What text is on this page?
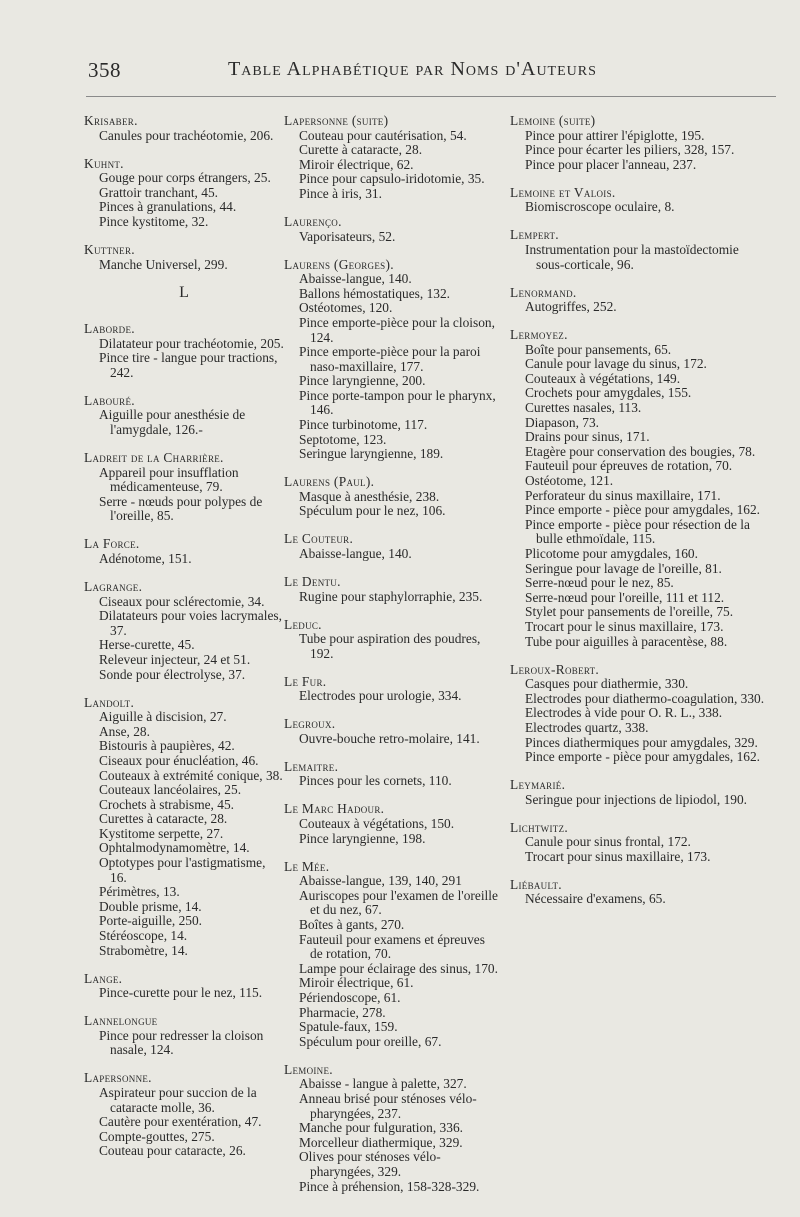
358	Table Alphabétique par Noms d'Auteurs
Krisaber.

Canules pour trachéotomie, 206.

Kuhnt.

Gouge pour corps étrangers, 25.

Grattoir tranchant, 45.

Pinces à granulations, 44.

Pince kystitome, 32.

Kuttner.

Manche Universel, 299.

L
Laborde.

Dilatateur pour trachéotomie, 205.

Pince tire - langue pour tractions, 242.

Labouré.

Aiguille pour anesthésie de l'amygdale, 126.-

Ladreit de la Charrière.

Appareil pour insufflation médicamenteuse, 79.

Serre - nœuds pour polypes de l'oreille, 85.

La Force.

Adénotome, 151.

Lagrange.

Ciseaux pour sclérectomie, 34.

Dilatateurs pour voies lacrymales, 37.

Herse-curette, 45.

Releveur injecteur, 24 et 51.

Sonde pour électrolyse, 37.

Landolt.

Aiguille à discision, 27.

Anse, 28.

Bistouris à paupières, 42.

Ciseaux pour énucléation, 46.

Couteaux à extrémité conique, 38.

Couteaux lancéolaires, 25.

Crochets à strabisme, 45.

Curettes à cataracte, 28.

Kystitome serpette, 27.

Ophtalmodynamomètre, 14.

Optotypes pour l'astigmatisme, 16.

Périmètres, 13.

Double prisme, 14.

Porte-aiguille, 250.

Stéréoscope, 14.

Strabomètre, 14.

Lange.

Pince-curette pour le nez, 115.

Lannelongue

Pince pour redresser la cloison nasale, 124.

Lapersonne.

Aspirateur pour succion de la cataracte molle, 36.

Cautère pour exentération, 47.

Compte-gouttes, 275.

Couteau pour cataracte, 26.

Lapersonne (suite)

Couteau pour cautérisation, 54.

Curette à cataracte, 28.

Miroir électrique, 62.

Pince pour capsulo-iridotomie, 35.

Pince à iris, 31.

Laurenço.

Vaporisateurs, 52.

Laurens (Georges).

Abaisse-langue, 140.

Ballons hémostatiques, 132.

Ostéotomes, 120.

Pince emporte-pièce pour la cloison, 124.

Pince emporte-pièce pour la paroi naso-maxillaire, 177.

Pince laryngienne, 200.

Pince porte-tampon pour le pharynx, 146.

Pince turbinotome, 117.

Septotome, 123.

Seringue laryngienne, 189.

Laurens (Paul).

Masque à anesthésie, 238.

Spéculum pour le nez, 106.

Le Couteur.

Abaisse-langue, 140.

Le Dentu.

Rugine pour staphylorraphie, 235.

Leduc.

Tube pour aspiration des poudres, 192.

Le Fur.

Electrodes pour urologie, 334.

Legroux.

Ouvre-bouche retro-molaire, 141.

Lemaitre.

Pinces pour les cornets, 110.

Le Marc Hadour.

Couteaux à végétations, 150.

Pince laryngienne, 198.

Le Mée.

Abaisse-langue, 139, 140, 291

Auriscopes pour l'examen de l'oreille et du nez, 67.

Boîtes à gants, 270.

Fauteuil pour examens et épreuves de rotation, 70.

Lampe pour éclairage des sinus, 170.

Miroir électrique, 61.

Périendoscope, 61.

Pharmacie, 278.

Spatule-faux, 159.

Spéculum pour oreille, 67.

Lemoine.

Abaisse - langue à palette, 327.

Anneau brisé pour sténoses vélo-pharyngées, 237.

Manche pour fulguration, 336.

Morcelleur diathermique, 329.

Olives pour sténoses vélo-pharyngées, 329.

Pince à préhension, 158-328-329.

Lemoine (suite)

Pince pour attirer l'épiglotte, 195.

Pince pour écarter les piliers, 328, 157.

Pince pour placer l'anneau, 237.

Lemoine et Valois.

Biomiscroscope oculaire, 8.

Lempert.

Instrumentation pour la mastoïdectomie sous-corticale, 96.

Lenormand.

Autogriffes, 252.

Lermoyez.

Boîte pour pansements, 65.

Canule pour lavage du sinus, 172.

Couteaux à végétations, 149.

Crochets pour amygdales, 155.

Curettes nasales, 113.

Diapason, 73.

Drains pour sinus, 171.

Etagère pour conservation des bougies, 78.

Fauteuil pour épreuves de rotation, 70.

Ostéotome, 121.

Perforateur du sinus maxillaire, 171.

Pince emporte - pièce pour amygdales, 162.

Pince emporte - pièce pour résection de la bulle ethmoïdale, 115.

Plicotome pour amygdales, 160.

Seringue pour lavage de l'oreille, 81.

Serre-nœud pour le nez, 85.

Serre-nœud pour l'oreille, 111 et 112.

Stylet pour pansements de l'oreille, 75.

Trocart pour le sinus maxillaire, 173.

Tube pour aiguilles à paracentèse, 88.

Leroux-Robert.

Casques pour diathermie, 330.

Electrodes pour diathermo-coagulation, 330.

Electrodes à vide pour O. R. L., 338.

Electrodes quartz, 338.

Pinces diathermiques pour amygdales, 329.

Pince emporte - pièce pour amygdales, 162.

Leymarié.

Seringue pour injections de lipiodol, 190.

Lichtwitz.

Canule pour sinus frontal, 172.

Trocart pour sinus maxillaire, 173.

Liébault.

Nécessaire d'examens, 65.
